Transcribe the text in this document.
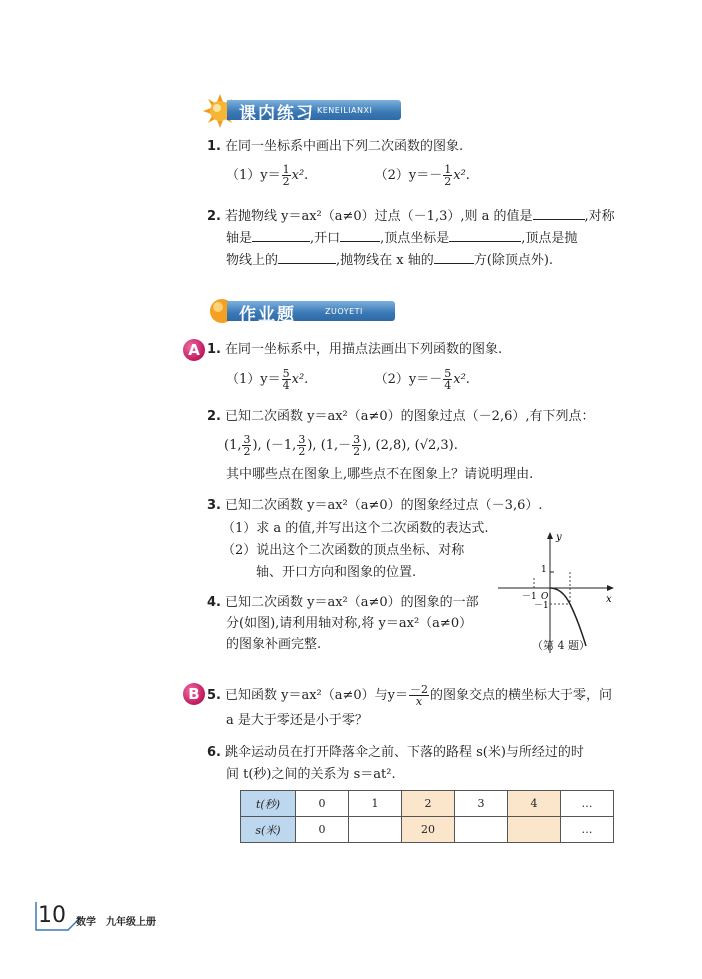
课内练习 KENEILIANXI
1. 在同一坐标系中画出下列二次函数的图象.
$(1)y= \frac{1}{2} x^2$.	$(2)y=- \frac{1}{2} x^2$.
2. 若抛物线 y＝ax²（a≠0）过点（－1,3）,则 a 的值是	,对称
轴是	,开口	,顶点坐标是	,顶点是抛
物线上的	,抛物线在 x 轴的	方(除顶点外).
作业题	ZUOYETI
A 1. 在同一坐标系中，用描点法画出下列函数的图象.
$(1)y= \frac{5}{4} x^2$.	$(2)y=- \frac{5}{4} x^2$.
2. 已知二次函数 y＝ax²（a≠0）的图象过点（－2,6）,有下列点：
(1, $\frac{3}{2}$ ), (－1, $\frac{3}{2}$ ), ($1,- \frac{3}{2}$ ), (2,8), (√2,3).
其中哪些点在图象上,哪些点不在图象上？请说明理由.
3. 已知二次函数 y＝ax²（a≠0）的图象经过点（－3,6）.
（1）求 a 的值,并写出这个二次函数的表达式.
（2）说出这个二次函数的顶点坐标、对称
轴、开口方向和图象的位置.
4. 已知二次函数 y＝ax²（a≠0）的图象的一部
分(如图),请利用轴对称,将 y＝ax²（a≠0）
的图象补画完整.
y
x
O
1
－1
－1
（第 4 题）
B 5. 已知函数 y＝ax²（a≠0）与$y= \frac{-2}{x}$ 的图象交点的横坐标大于零，问
a 是大于零还是小于零？
6. 跳伞运动员在打开降落伞之前、下落的路程 s(米)与所经过的时
间 t(秒)之间的关系为 s＝at².
t(秒)	0	1	2	3	4	…
s(米)	0		20			…
10 数学　九年级上册
